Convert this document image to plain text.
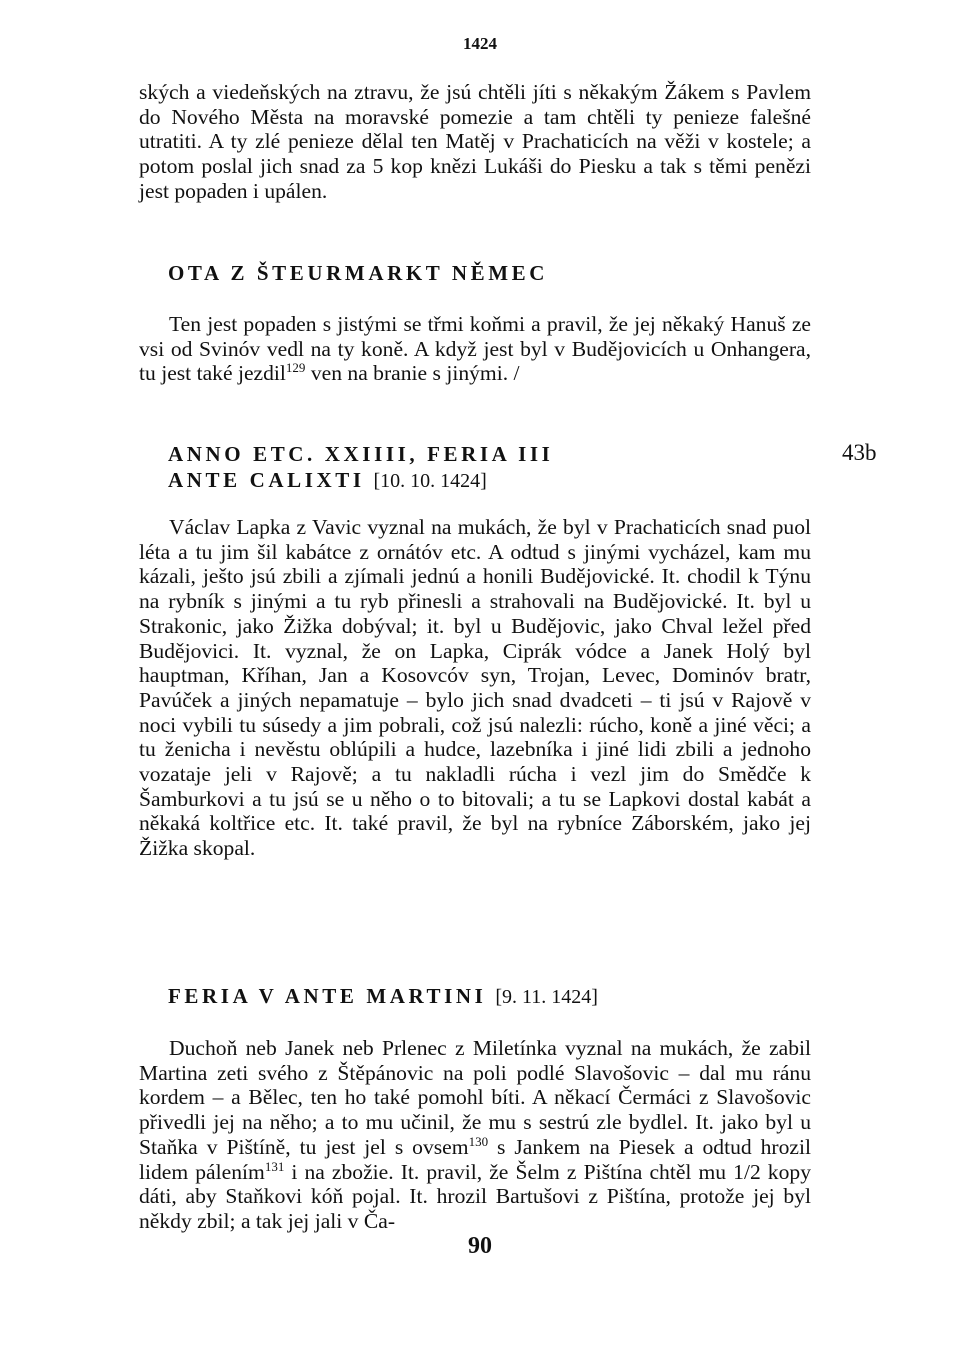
1424

ských a viedeňských na ztravu, že jsú chtěli jíti s někakým Žákem s Pavlem do Nového Města na moravské pomezie a tam chtěli ty penieze falešné utratiti. A ty zlé penieze dělal ten Matěj v Prachaticích na věži v kostele; a potom poslal jich snad za 5 kop knězi Lukáši do Piesku a tak s těmi penězi jest popaden i upálen.

OTA Z ŠTEURMARKT NĚMEC

Ten jest popaden s jistými se třmi koňmi a pravil, že jej někaký Hanuš ze vsi od Svinóv vedl na ty koně. A když jest byl v Budějovicích u Onhangera, tu jest také jezdil$^{129}$ ven na branie s jinými. /

ANNO ETC. XXIIII, FERIA III
ANTE CALIXTI [10. 10. 1424]
43b

Václav Lapka z Vavic vyznal na mukách, že byl v Prachaticích snad puol léta a tu jim šil kabátce z ornátóv etc. A odtud s jinými vycházel, kam mu kázali, ješto jsú zbili a zjímali jednú a honili Budějovické. It. chodil k Týnu na rybník s jinými a tu ryb přinesli a strahovali na Budějovické. It. byl u Strakonic, jako Žižka dobýval; it. byl u Budějovic, jako Chval ležel před Budějovici. It. vyznal, že on Lapka, Ciprák vódce a Janek Holý byl hauptman, Kříhan, Jan a Kosovcóv syn, Trojan, Levec, Dominóv bratr, Pavúček a jiných nepamatuje – bylo jich snad dvadceti – ti jsú v Rajově v noci vybili tu súsedy a jim pobrali, což jsú nalezli: rúcho, koně a jiné věci; a tu ženicha i nevěstu oblúpili a hudce, lazebníka i jiné lidi zbili a jednoho vozataje jeli v Rajově; a tu nakladli rúcha i vezl jim do Smědče k Šamburkovi a tu jsú se u něho o to bitovali; a tu se Lapkovi dostal kabát a někaká koltřice etc. It. také pravil, že byl na rybníce Záborském, jako jej Žižka skopal.

FERIA V ANTE MARTINI [9. 11. 1424]

Duchoň neb Janek neb Prlenec z Miletínka vyznal na mukách, že zabil Martina zeti svého z Štěpánovic na poli podlé Slavošovic – dal mu ránu kordem – a Bělec, ten ho také pomohl bíti. A někací Čermáci z Slavošovic přivedli jej na něho; a to mu učinil, že mu s sestrú zle bydlel. It. jako byl u Staňka v Pištíně, tu jest jel s ovsem$^{130}$ s Jankem na Piesek a odtud hrozil lidem pálením$^{131}$ i na zbožie. It. pravil, že Šelm z Pištína chtěl mu 1/2 kopy dáti, aby Staňkovi kóň pojal. It. hrozil Bartušovi z Pištína, protože jej byl někdy zbil; a tak jej jali v Ča-

90
